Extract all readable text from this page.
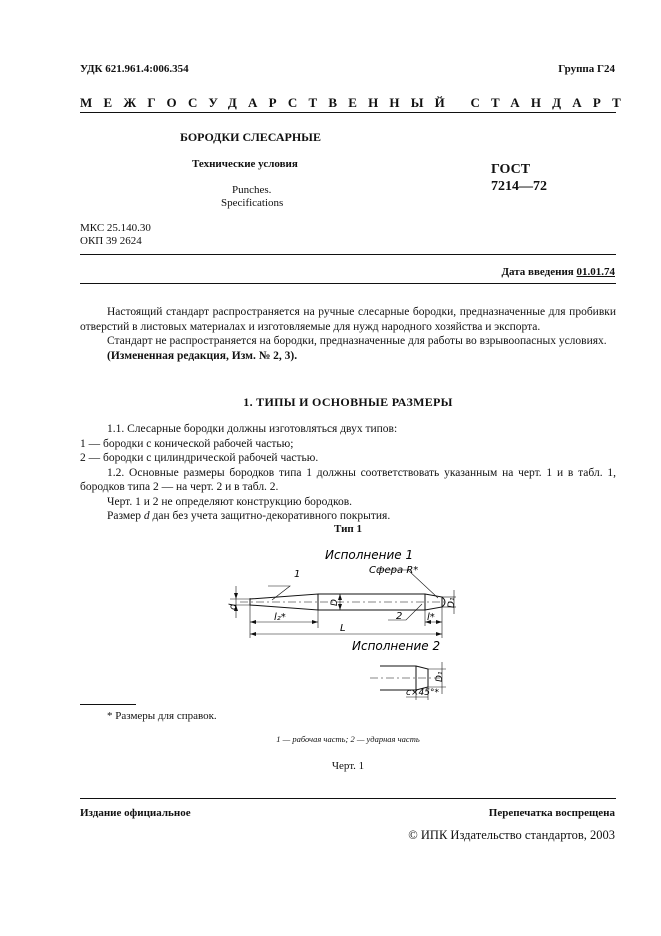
УДК 621.961.4:006.354	Группа Г24
МЕЖГОСУДАРСТВЕННЫЙ СТАНДАРТ
БОРОДКИ СЛЕСАРНЫЕ
Технические условия
Punches.
Specifications
ГОСТ
7214—72
МКС 25.140.30
ОКП 39 2624
Дата введения 01.01.74

Настоящий стандарт распространяется на ручные слесарные бородки, предназначенные для пробивки отверстий в листовых материалах и изготовляемые для нужд народного хозяйства и экспорта.

Стандарт не распространяется на бородки, предназначенные для работы во взрывоопасных условиях.

(Измененная редакция, Изм. № 2, 3).

1. ТИПЫ И ОСНОВНЫЕ РАЗМЕРЫ

1.1. Слесарные бородки должны изготовляться двух типов:

1 — бородки с конической рабочей частью;

2 — бородки с цилиндрической рабочей частью.

1.2. Основные размеры бородков типа 1 должны соответствовать указанным на черт. 1 и в табл. 1, бородков типа 2 — на черт. 2 и в табл. 2.

Черт. 1 и 2 не определяют конструкцию бородков.

Размер d дан без учета защитно-декоративного покрытия.

Тип 1
Исполнение 1
Сфера R*
1
2
d
D	D₁
l₂*	l*
L
Исполнение 2
D₁
c×45°*
* Размеры для справок.
1 — рабочая часть; 2 — ударная часть
Черт. 1
Издание официальное	Перепечатка воспрещена
© ИПК Издательство стандартов, 2003
